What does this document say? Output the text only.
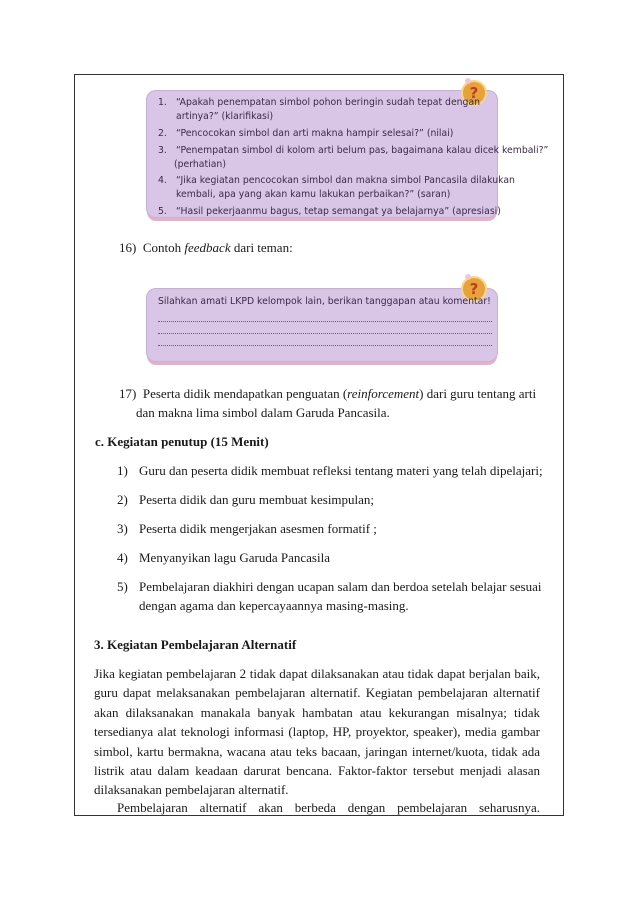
?
1. “Apakah penempatan simbol pohon beringin sudah tepat dengan
artinya?” (klarifikasi)
2. “Pencocokan simbol dan arti makna hampir selesai?” (nilai)
3. “Penempatan simbol di kolom arti belum pas, bagaimana kalau dicek kembali?”
(perhatian)
4. “Jika kegiatan pencocokan simbol dan makna simbol Pancasila dilakukan
kembali, apa yang akan kamu lakukan perbaikan?” (saran)
5. “Hasil pekerjaanmu bagus, tetap semangat ya belajarnya” (apresiasi)
16) Contoh feedback dari teman:
?
Silahkan amati LKPD kelompok lain, berikan tanggapan atau komentar!
17) Peserta didik mendapatkan penguatan (reinforcement) dari guru tentang arti
dan makna lima simbol dalam Garuda Pancasila.
c. Kegiatan penutup (15 Menit)
1) Guru dan peserta didik membuat refleksi tentang materi yang telah dipelajari;
2) Peserta didik dan guru membuat kesimpulan;
3) Peserta didik mengerjakan asesmen formatif ;
4) Menyanyikan lagu Garuda Pancasila
5) Pembelajaran diakhiri dengan ucapan salam dan berdoa setelah belajar sesuai
dengan agama dan kepercayaannya masing-masing.
3. Kegiatan Pembelajaran Alternatif
Jika kegiatan pembelajaran 2 tidak dapat dilaksanakan atau tidak dapat berjalan baik,
guru dapat melaksanakan pembelajaran alternatif. Kegiatan pembelajaran alternatif
akan dilaksanakan manakala banyak hambatan atau kekurangan misalnya; tidak
tersedianya alat teknologi informasi (laptop, HP, proyektor, speaker), media gambar
simbol, kartu bermakna, wacana atau teks bacaan, jaringan internet/kuota, tidak ada
listrik atau dalam keadaan darurat bencana. Faktor-faktor tersebut menjadi alasan
dilaksanakan pembelajaran alternatif.
Pembelajaran alternatif akan berbeda dengan pembelajaran seharusnya.
